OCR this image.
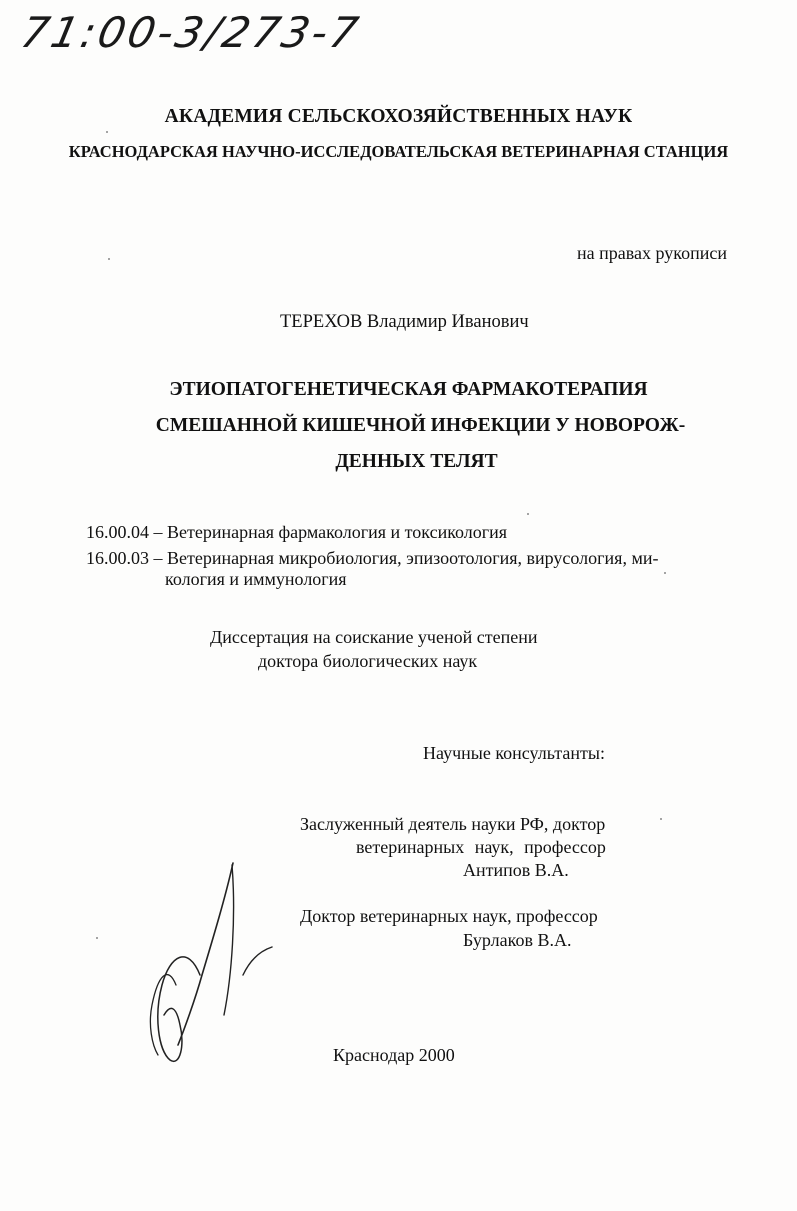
71:00-3/273-7
АКАДЕМИЯ СЕЛЬСКОХОЗЯЙСТВЕННЫХ НАУК
КРАСНОДАРСКАЯ НАУЧНО-ИССЛЕДОВАТЕЛЬСКАЯ ВЕТЕРИНАРНАЯ СТАНЦИЯ
на правах рукописи
ТЕРЕХОВ Владимир Иванович
ЭТИОПАТОГЕНЕТИЧЕСКАЯ ФАРМАКОТЕРАПИЯ
СМЕШАННОЙ КИШЕЧНОЙ ИНФЕКЦИИ У НОВОРОЖ-
ДЕННЫХ ТЕЛЯТ
16.00.04 – Ветеринарная фармакология и токсикология
16.00.03 – Ветеринарная микробиология, эпизоотология, вирусология, ми-
кология и иммунология
Диссертация на соискание ученой степени
доктора биологических наук
Научные консультанты:
Заслуженный деятель науки РФ, доктор
ветеринарных наук, профессор
Антипов В.А.
Доктор ветеринарных наук, профессор
Бурлаков В.А.
Краснодар 2000
